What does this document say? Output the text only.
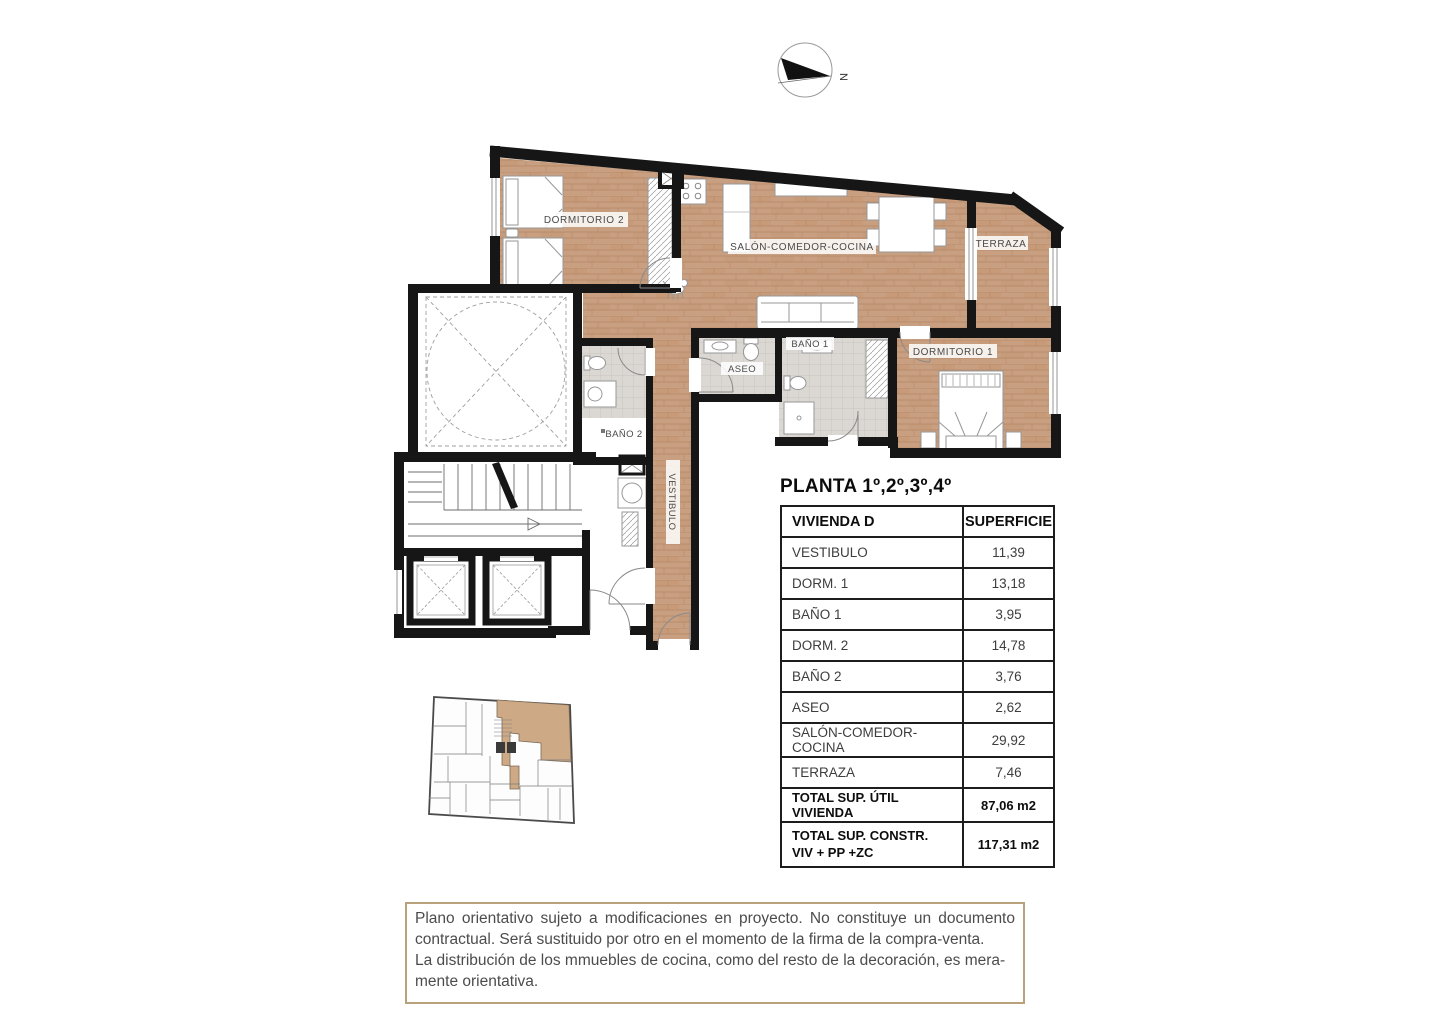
N
DORMITORIO 2
SALÓN-COMEDOR-COCINA	TERRAZA
DORMITORIO 1
BAÑO 1
ASEO
BAÑO 2
VESTIBULO	PLANTA 1º,2º,3º,4º
VIVIENDA D	SUPERFICIE
VESTIBULO	11,39
DORM. 1	13,18
BAÑO 1	3,95
DORM. 2	14,78
BAÑO 2	3,76
ASEO	2,62
SALÓN-COMEDOR-COCINA	29,92
TERRAZA	7,46
TOTAL SUP. ÚTIL VIVIENDA	87,06 m2

TOTAL SUP. CONSTR.
VIV + PP +ZC	117,31 m2
Plano orientativo sujeto a modificaciones en proyecto. No constituye un documento
contractual. Será sustituido por otro en el momento de la firma de la compra-venta.
La distribución de los mmuebles de cocina, como del resto de la decoración, es mera-
mente orientativa.
